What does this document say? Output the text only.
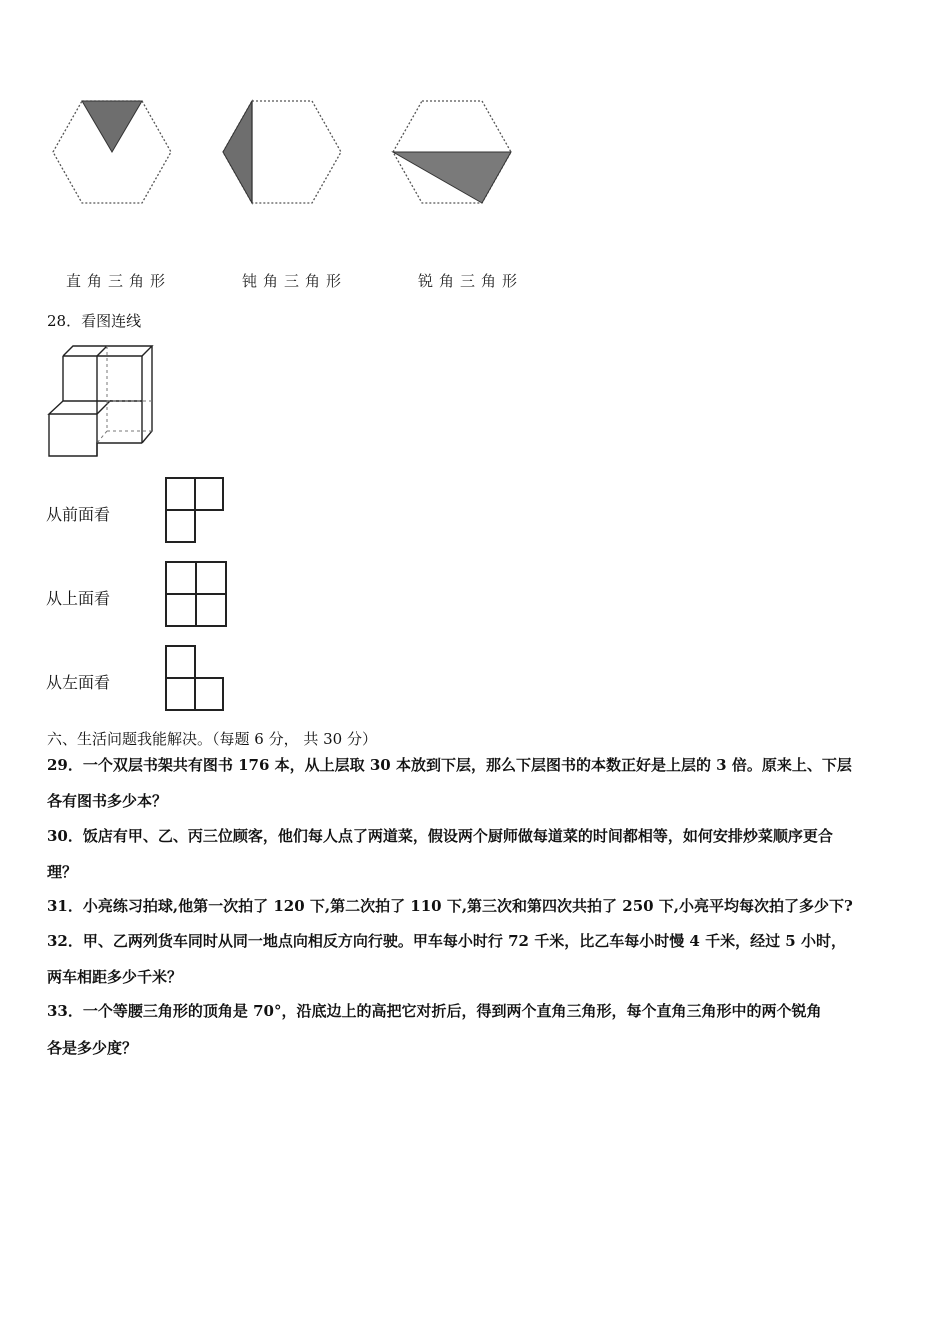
直角三角形	钝角三角形	锐角三角形
28．看图连线
从前面看
从上面看
从左面看
六、生活问题我能解决。（每题 6 分， 共 30 分）
29．一个双层书架共有图书 176 本，从上层取 30 本放到下层，那么下层图书的本数正好是上层的 3 倍。原来上、下层
各有图书多少本？
30．饭店有甲、乙、丙三位顾客，他们每人点了两道菜，假设两个厨师做每道菜的时间都相等，如何安排炒菜顺序更合
理？
31．小亮练习拍球,他第一次拍了 120 下,第二次拍了 110 下,第三次和第四次共拍了 250 下,小亮平均每次拍了多少下?
32．甲、乙两列货车同时从同一地点向相反方向行驶。甲车每小时行 72 千米，比乙车每小时慢 4 千米，经过 5 小时，
两车相距多少千米？
33．一个等腰三角形的顶角是 70°，沿底边上的高把它对折后，得到两个直角三角形，每个直角三角形中的两个锐角
各是多少度？
